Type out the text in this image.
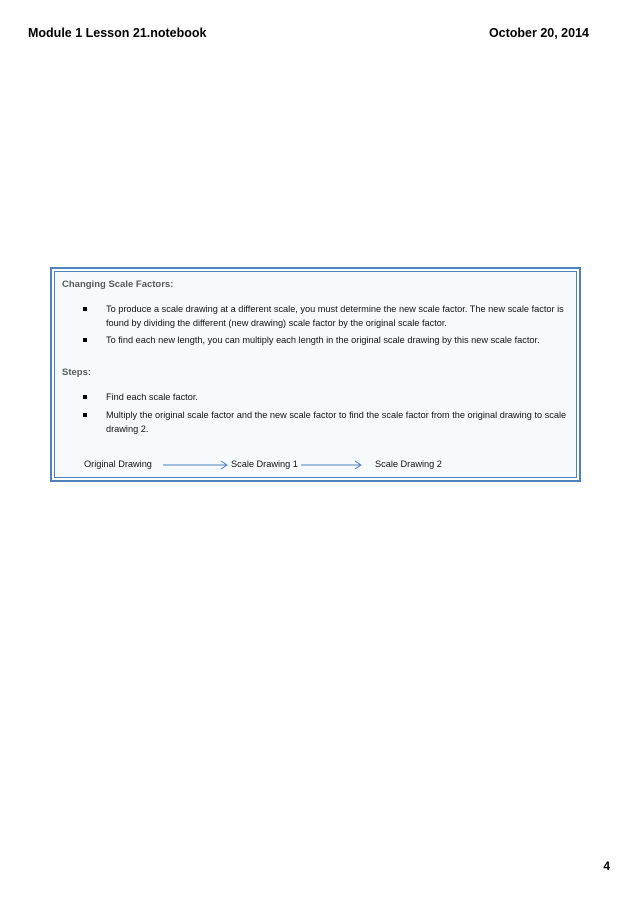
Module 1 Lesson 21.notebook	October 20, 2014
Changing Scale Factors:
To produce a scale drawing at a different scale, you must determine the new scale factor. The new scale factor is found by dividing the different (new drawing) scale factor by the original scale factor.
To find each new length, you can multiply each length in the original scale drawing by this new scale factor.
Steps:
Find each scale factor.
Multiply the original scale factor and the new scale factor to find the scale factor from the original drawing to scale drawing 2.
Original Drawing	Scale Drawing 1	Scale Drawing 2
4
